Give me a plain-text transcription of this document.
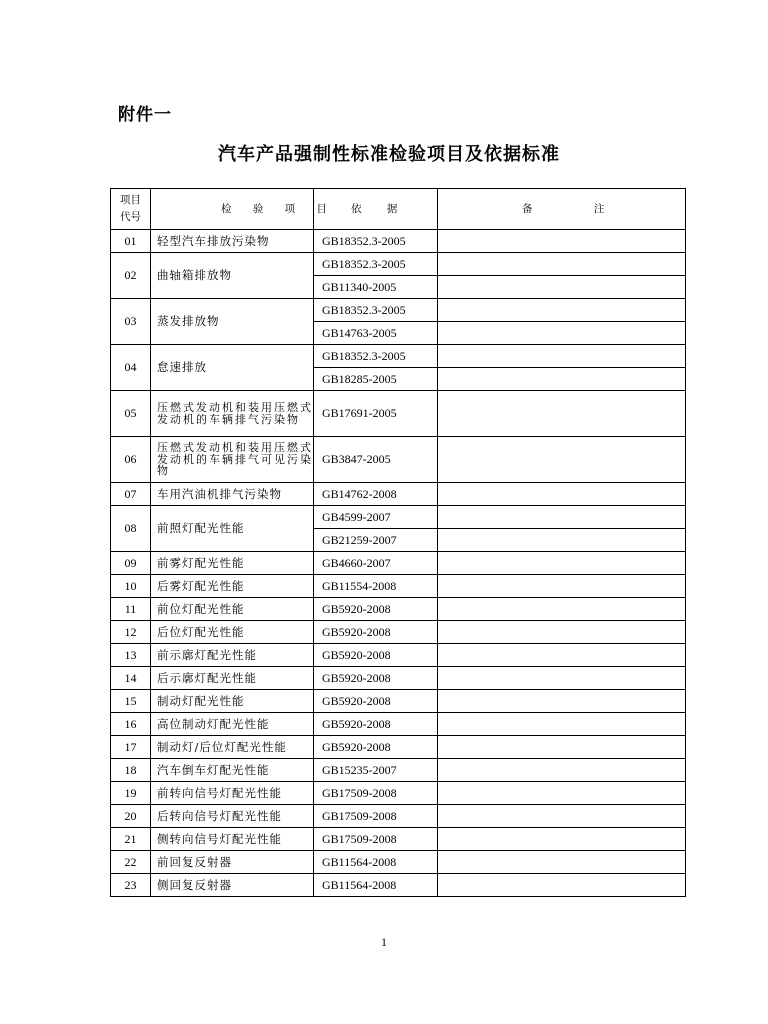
附件一
汽车产品强制性标准检验项目及依据标准
项目
代号	检 验 项 目	依 据	备 注
01	轻型汽车排放污染物	GB18352.3-2005	
02	曲轴箱排放物	GB18352.3-2005	
		GB11340-2005	
03	蒸发排放物	GB18352.3-2005	
		GB14763-2005	
04	怠速排放	GB18352.3-2005	
		GB18285-2005	
05	压燃式发动机和装用压燃式发动机的车辆排气污染物	GB17691-2005	
06	压燃式发动机和装用压燃式发动机的车辆排气可见污染物	GB3847-2005	
07	车用汽油机排气污染物	GB14762-2008	
08	前照灯配光性能	GB4599-2007	
		GB21259-2007	
09	前雾灯配光性能	GB4660-2007	
10	后雾灯配光性能	GB11554-2008	
11	前位灯配光性能	GB5920-2008	
12	后位灯配光性能	GB5920-2008	
13	前示廓灯配光性能	GB5920-2008	
14	后示廓灯配光性能	GB5920-2008	
15	制动灯配光性能	GB5920-2008	
16	高位制动灯配光性能	GB5920-2008	
17	制动灯/后位灯配光性能	GB5920-2008	
18	汽车倒车灯配光性能	GB15235-2007	
19	前转向信号灯配光性能	GB17509-2008	
20	后转向信号灯配光性能	GB17509-2008	
21	侧转向信号灯配光性能	GB17509-2008	
22	前回复反射器	GB11564-2008	
23	侧回复反射器	GB11564-2008	
1
